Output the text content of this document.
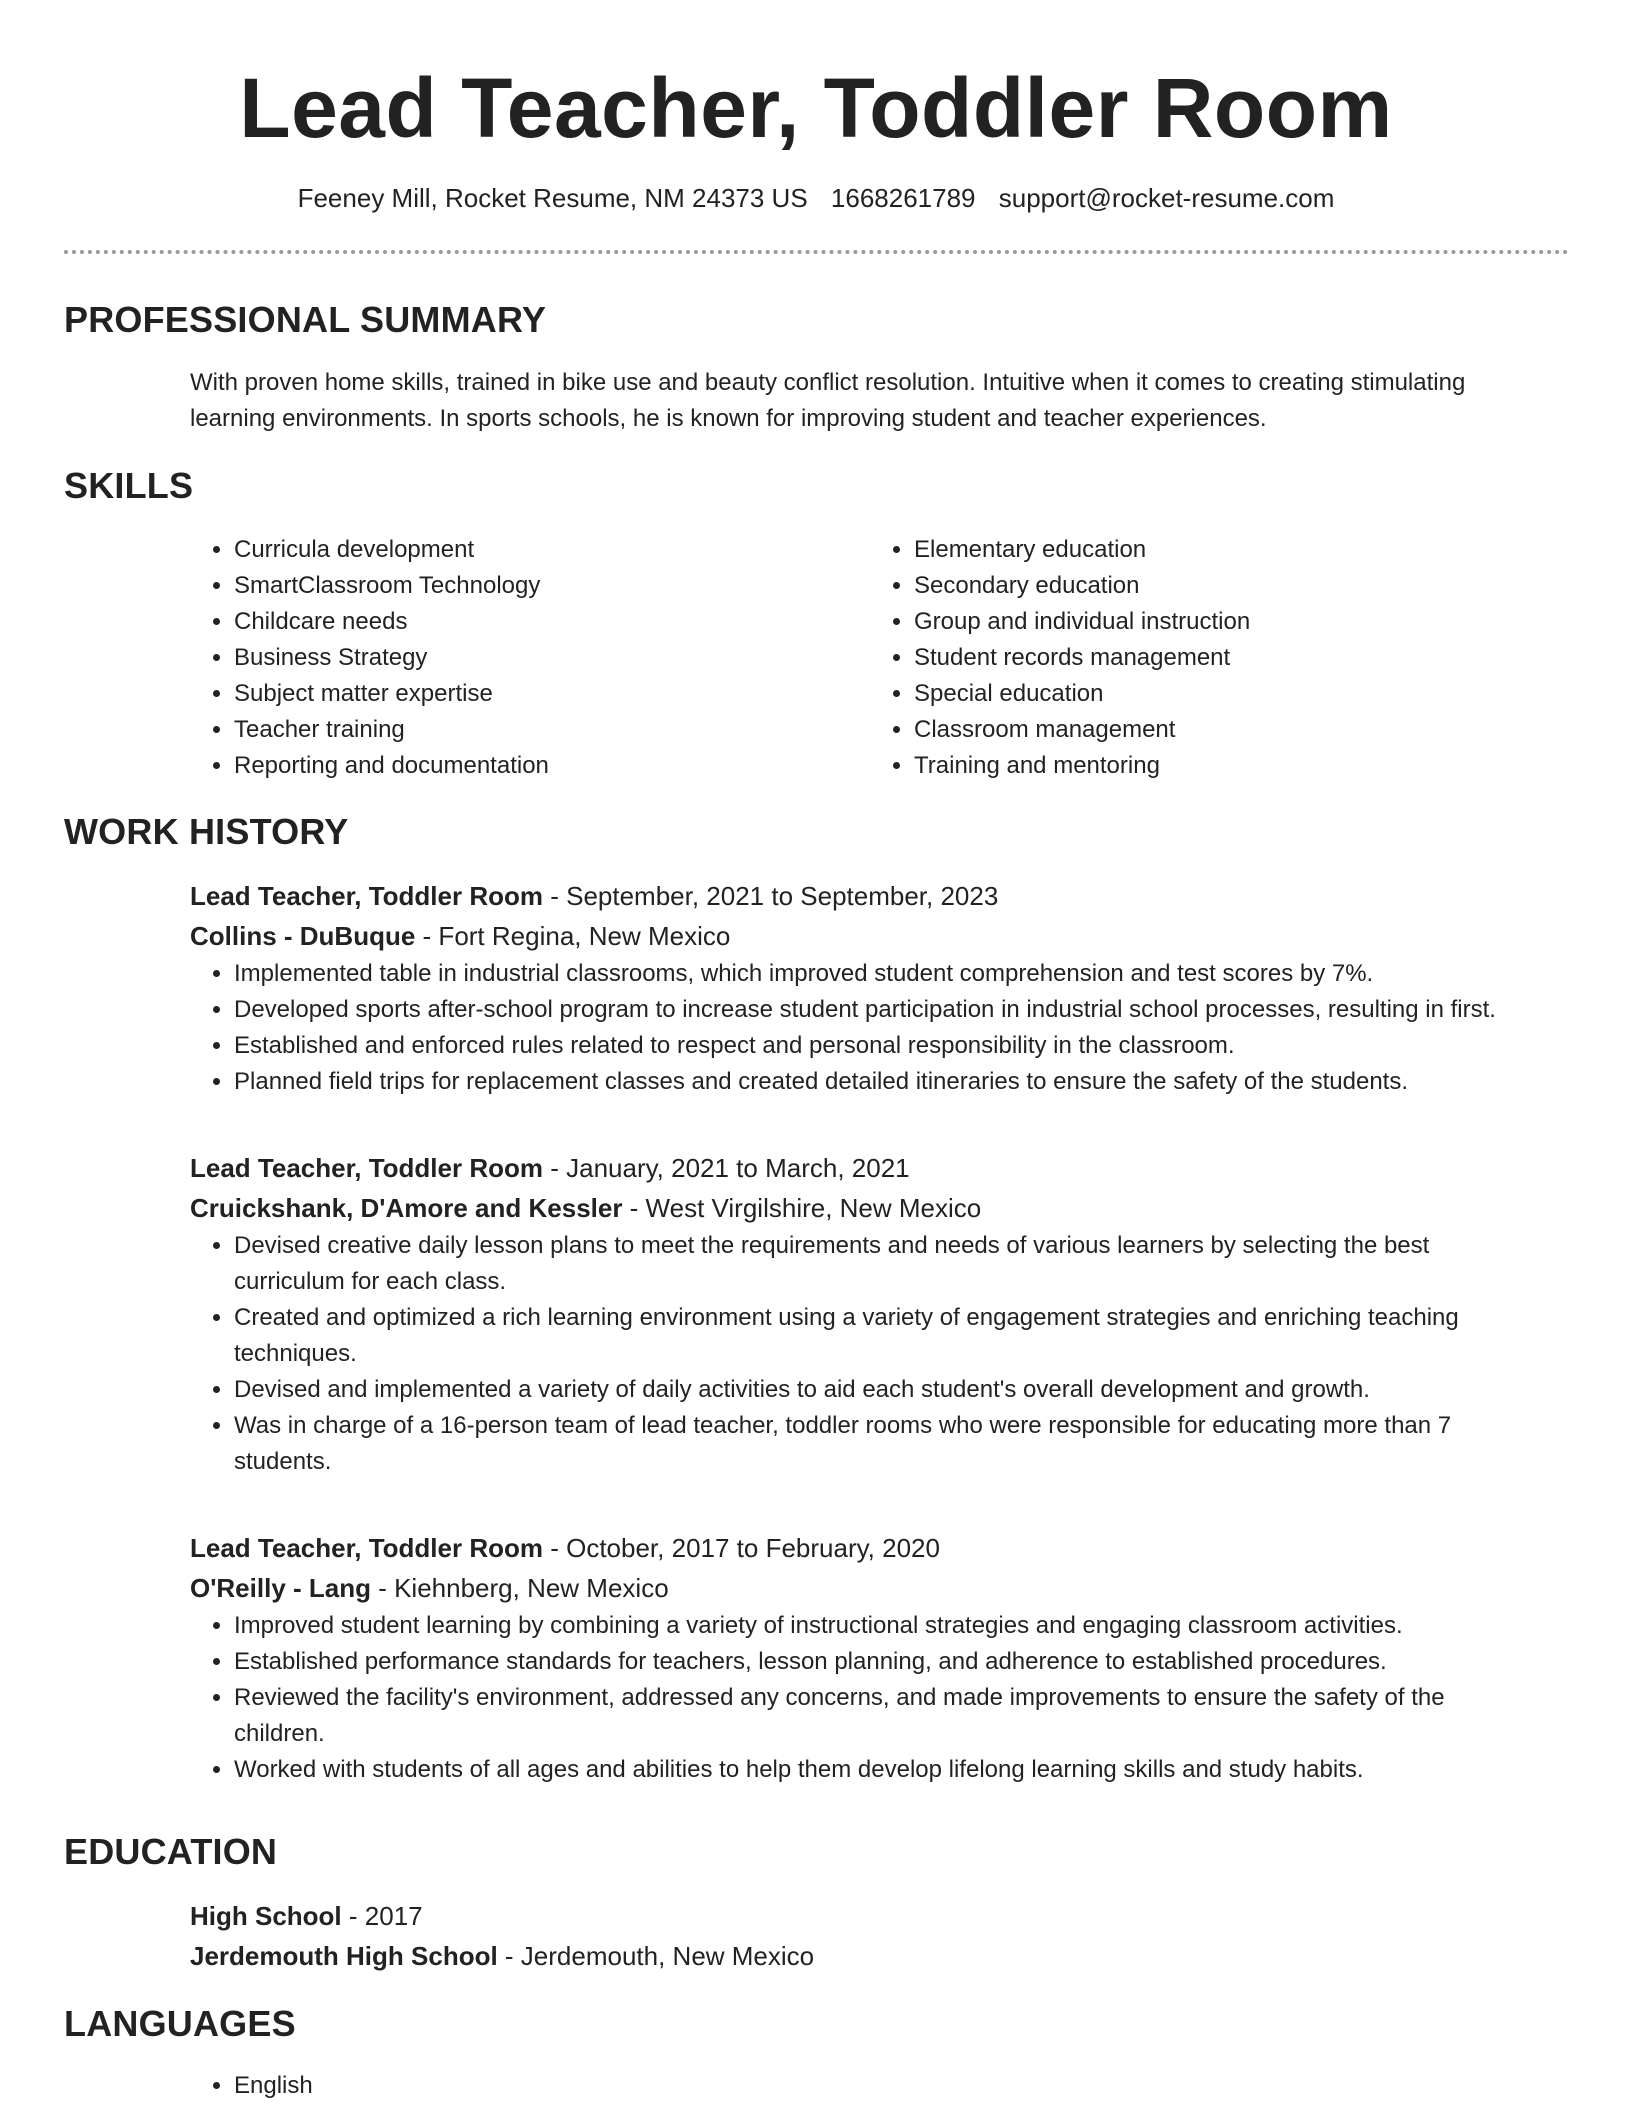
Lead Teacher, Toddler Room
Feeney Mill, Rocket Resume, NM 24373 US 1668261789 support@rocket-resume.com
PROFESSIONAL SUMMARY
With proven home skills, trained in bike use and beauty conflict resolution. Intuitive when it comes to creating stimulating learning environments. In sports schools, he is known for improving student and teacher experiences.
SKILLS
• Curricula development
• SmartClassroom Technology
• Childcare needs
• Business Strategy
• Subject matter expertise
• Teacher training
• Reporting and documentation
• Elementary education
• Secondary education
• Group and individual instruction
• Student records management
• Special education
• Classroom management
• Training and mentoring
WORK HISTORY
Lead Teacher, Toddler Room - September, 2021 to September, 2023
Collins - DuBuque - Fort Regina, New Mexico
• Implemented table in industrial classrooms, which improved student comprehension and test scores by 7%.
• Developed sports after-school program to increase student participation in industrial school processes, resulting in first.
• Established and enforced rules related to respect and personal responsibility in the classroom.
• Planned field trips for replacement classes and created detailed itineraries to ensure the safety of the students.
Lead Teacher, Toddler Room - January, 2021 to March, 2021
Cruickshank, D'Amore and Kessler - West Virgilshire, New Mexico
• Devised creative daily lesson plans to meet the requirements and needs of various learners by selecting the best curriculum for each class.
• Created and optimized a rich learning environment using a variety of engagement strategies and enriching teaching techniques.
• Devised and implemented a variety of daily activities to aid each student's overall development and growth.
• Was in charge of a 16-person team of lead teacher, toddler rooms who were responsible for educating more than 7 students.
Lead Teacher, Toddler Room - October, 2017 to February, 2020
O'Reilly - Lang - Kiehnberg, New Mexico
• Improved student learning by combining a variety of instructional strategies and engaging classroom activities.
• Established performance standards for teachers, lesson planning, and adherence to established procedures.
• Reviewed the facility's environment, addressed any concerns, and made improvements to ensure the safety of the children.
• Worked with students of all ages and abilities to help them develop lifelong learning skills and study habits.
EDUCATION
High School - 2017
Jerdemouth High School - Jerdemouth, New Mexico
LANGUAGES
• English
